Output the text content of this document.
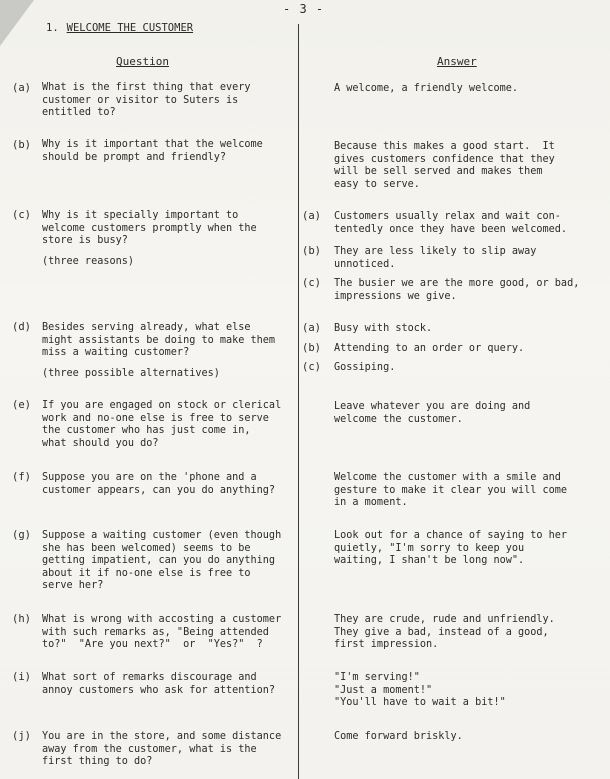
- 3 -
1. WELCOME THE CUSTOMER
Question	Answer
(a) What is the first thing that every
customer or visitor to Suters is
entitled to?
A welcome, a friendly welcome.
(b) Why is it important that the welcome
should be prompt and friendly?
Because this makes a good start.  It
gives customers confidence that they
will be sell served and makes them
easy to serve.
(c) Why is it specially important to
welcome customers promptly when the
store is busy?
(three reasons)
(a) Customers usually relax and wait con-
tentedly once they have been welcomed.
(b) They are less likely to slip away
unnoticed.
(c) The busier we are the more good, or bad,
impressions we give.
(d) Besides serving already, what else
might assistants be doing to make them
miss a waiting customer?
(three possible alternatives)
(a) Busy with stock.
(b) Attending to an order or query.
(c) Gossiping.
(e) If you are engaged on stock or clerical
work and no-one else is free to serve
the customer who has just come in,
what should you do?
Leave whatever you are doing and
welcome the customer.
(f) Suppose you are on the 'phone and a
customer appears, can you do anything?
Welcome the customer with a smile and
gesture to make it clear you will come
in a moment.
(g) Suppose a waiting customer (even though
she has been welcomed) seems to be
getting impatient, can you do anything
about it if no-one else is free to
serve her?
Look out for a chance of saying to her
quietly, "I'm sorry to keep you
waiting, I shan't be long now".
(h) What is wrong with accosting a customer
with such remarks as, "Being attended
to?"  "Are you next?"  or  "Yes?"  ?
They are crude, rude and unfriendly.
They give a bad, instead of a good,
first impression.
(i) What sort of remarks discourage and
annoy customers who ask for attention?
"I'm serving!"
"Just a moment!"
"You'll have to wait a bit!"
(j) You are in the store, and some distance
away from the customer, what is the
first thing to do?
Come forward briskly.
